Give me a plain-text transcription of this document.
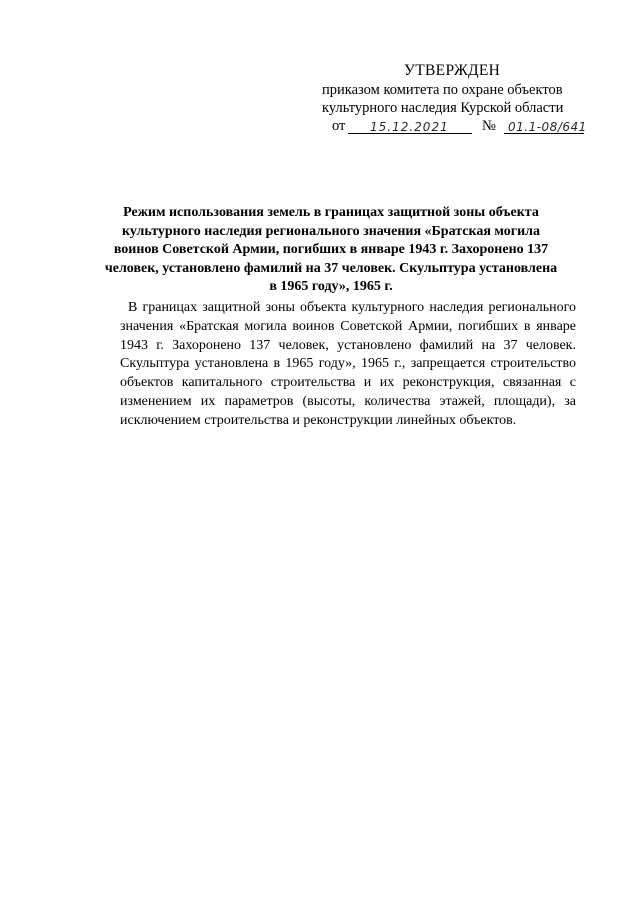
УТВЕРЖДЕН
приказом комитета по охране объектов
культурного наследия Курской области
от 15.12.2021 № 01.1-08/641
Режим использования земель в границах защитной зоны объекта культурного наследия регионального значения «Братская могила воинов Советской Армии, погибших в январе 1943 г. Захоронено 137 человек, установлено фамилий на 37 человек. Скульптура установлена в 1965 году», 1965 г.
В границах защитной зоны объекта культурного наследия регионального значения «Братская могила воинов Советской Армии, погибших в январе 1943 г. Захоронено 137 человек, установлено фамилий на 37 человек. Скульптура установлена в 1965 году», 1965 г., запрещается строительство объектов капитального строительства и их реконструкция, связанная с изменением их параметров (высоты, количества этажей, площади), за исключением строительства и реконструкции линейных объектов.
